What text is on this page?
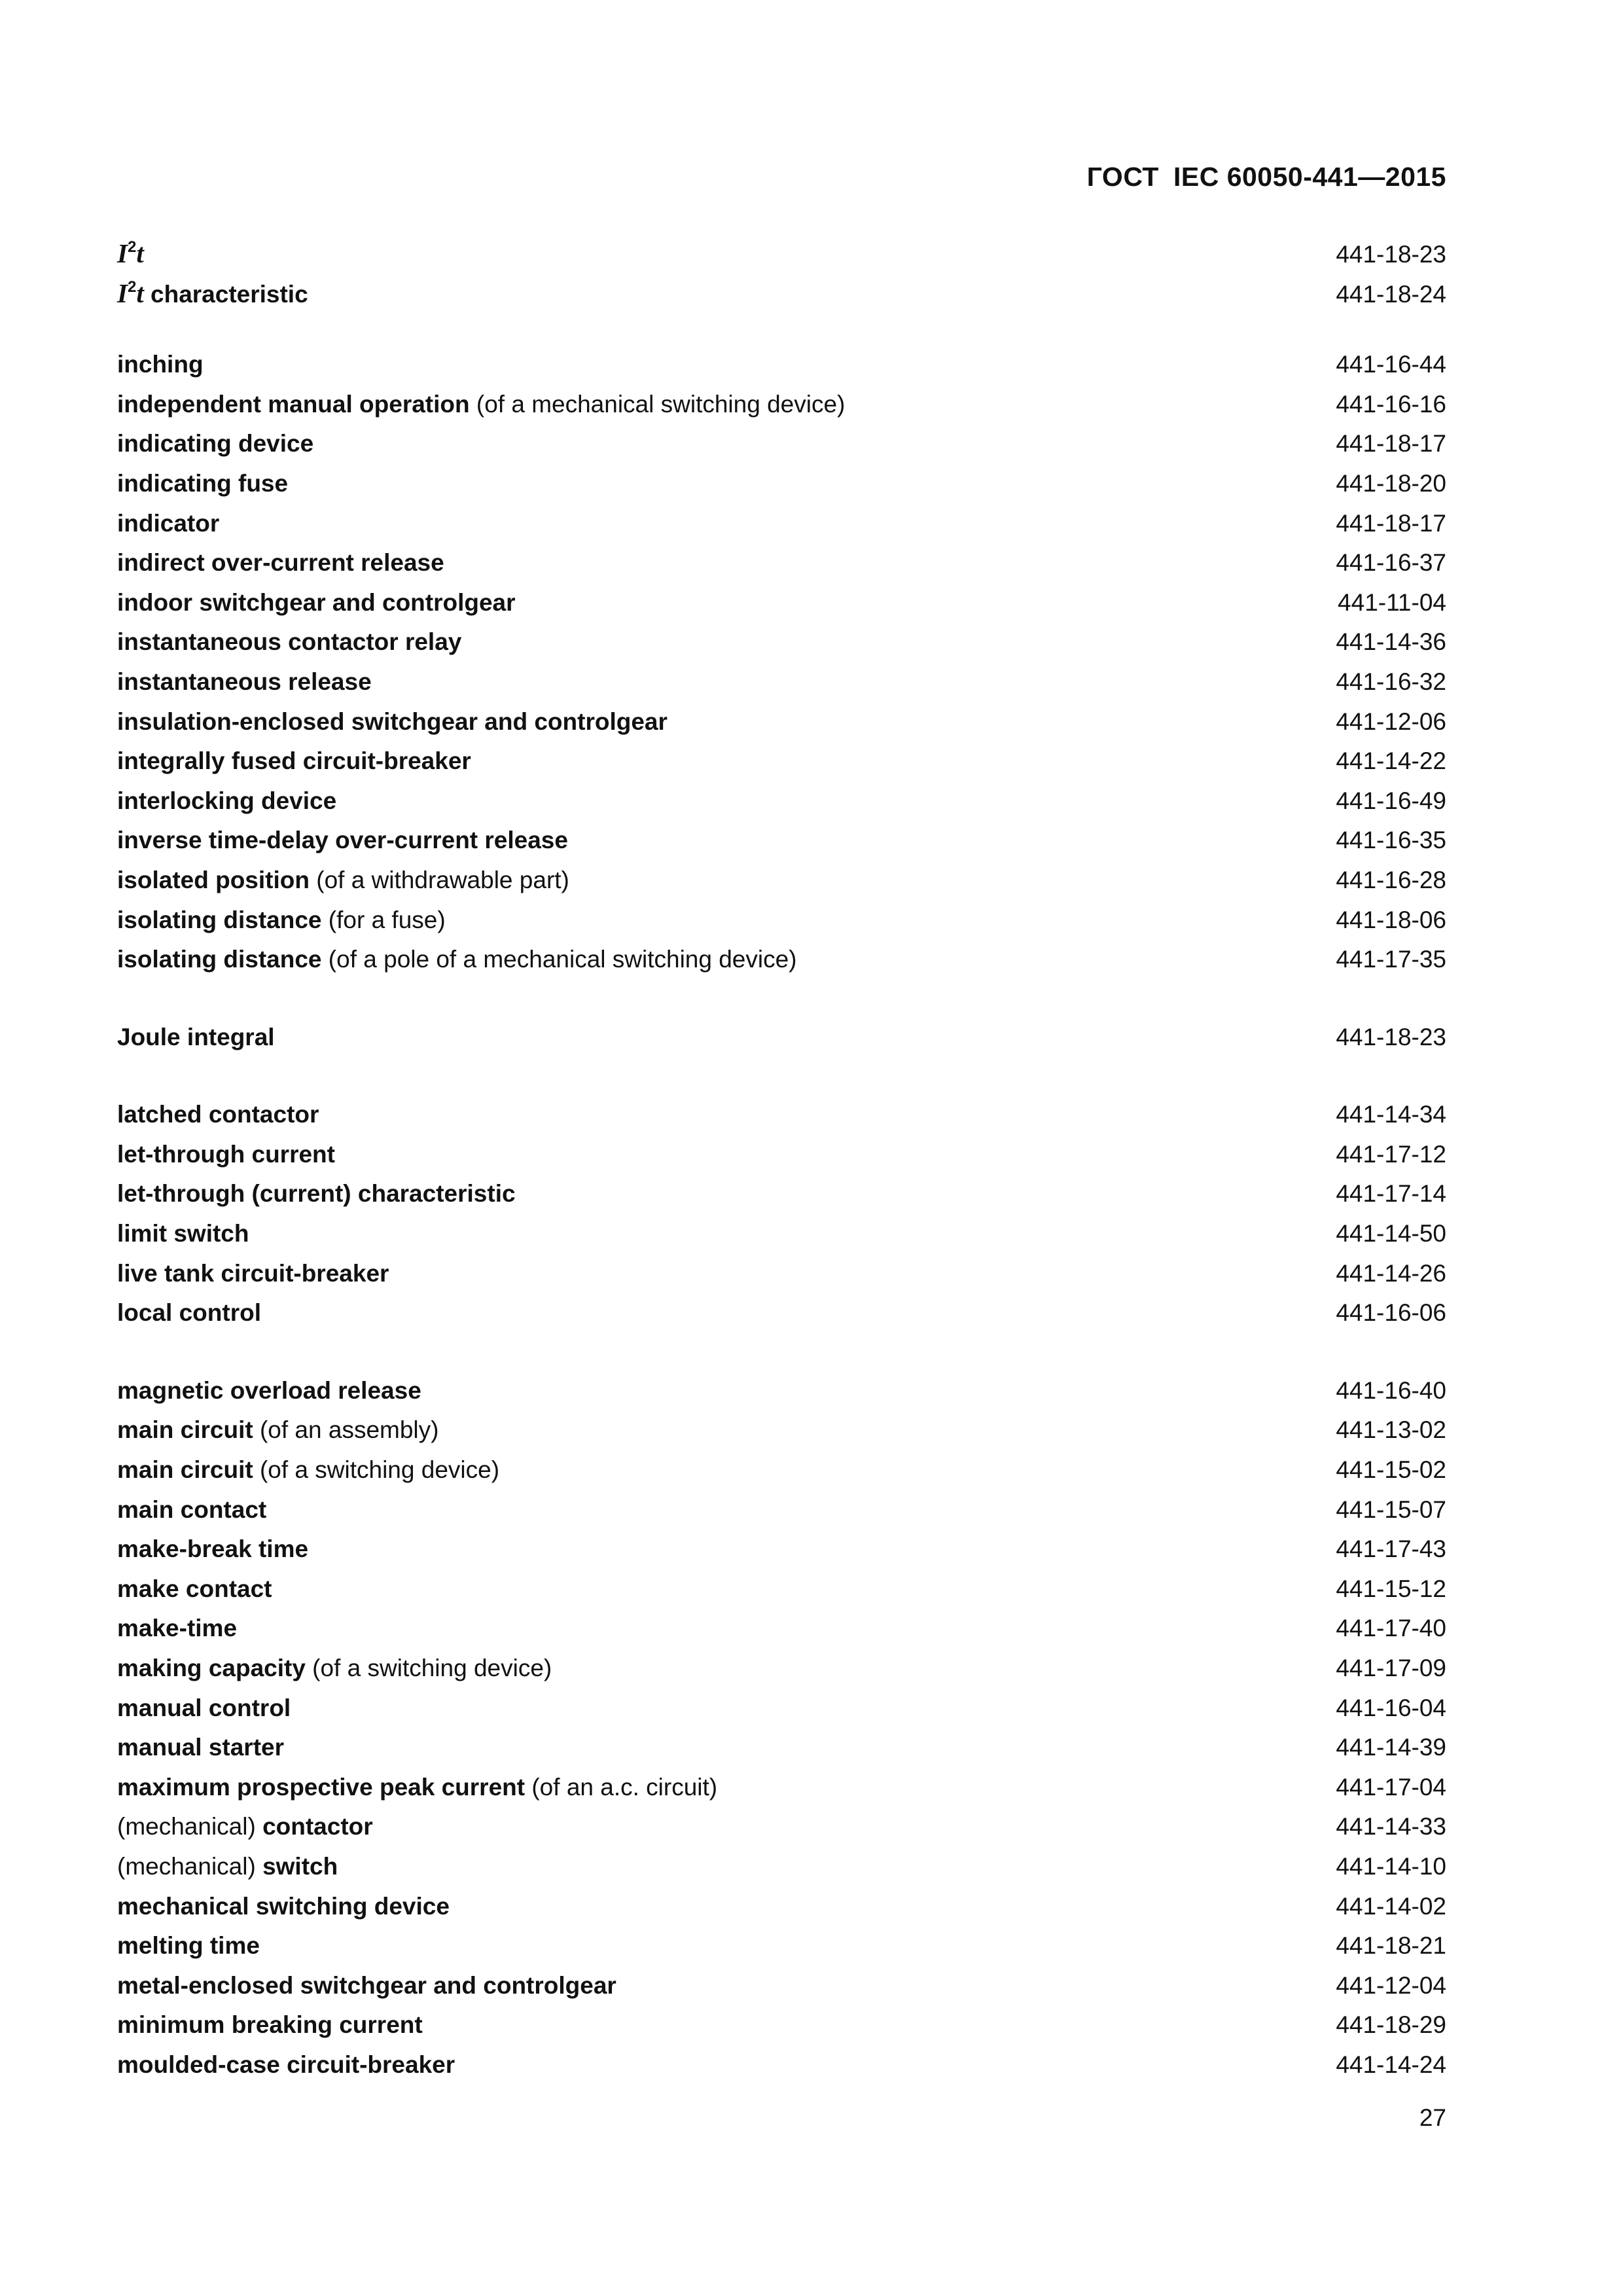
ГОСТ IEC 60050-441—2015
$I^2t$	441-18-23
$I^2t$ characteristic	441-18-24
inching	441-16-44
independent manual operation (of a mechanical switching device)	441-16-16
indicating device	441-18-17
indicating fuse	441-18-20
indicator	441-18-17
indirect over-current release	441-16-37
indoor switchgear and controlgear	441-11-04
instantaneous contactor relay	441-14-36
instantaneous release	441-16-32
insulation-enclosed switchgear and controlgear	441-12-06
integrally fused circuit-breaker	441-14-22
interlocking device	441-16-49
inverse time-delay over-current release	441-16-35
isolated position (of a withdrawable part)	441-16-28
isolating distance (for a fuse)	441-18-06
isolating distance (of a pole of a mechanical switching device)	441-17-35
Joule integral	441-18-23
latched contactor	441-14-34
let-through current	441-17-12
let-through (current) characteristic	441-17-14
limit switch	441-14-50
live tank circuit-breaker	441-14-26
local control	441-16-06
magnetic overload release	441-16-40
main circuit (of an assembly)	441-13-02
main circuit (of a switching device)	441-15-02
main contact	441-15-07
make-break time	441-17-43
make contact	441-15-12
make-time	441-17-40
making capacity (of a switching device)	441-17-09
manual control	441-16-04
manual starter	441-14-39
maximum prospective peak current (of an a.c. circuit)	441-17-04
(mechanical) contactor	441-14-33
(mechanical) switch	441-14-10
mechanical switching device	441-14-02
melting time	441-18-21
metal-enclosed switchgear and controlgear	441-12-04
minimum breaking current	441-18-29
moulded-case circuit-breaker	441-14-24
27
